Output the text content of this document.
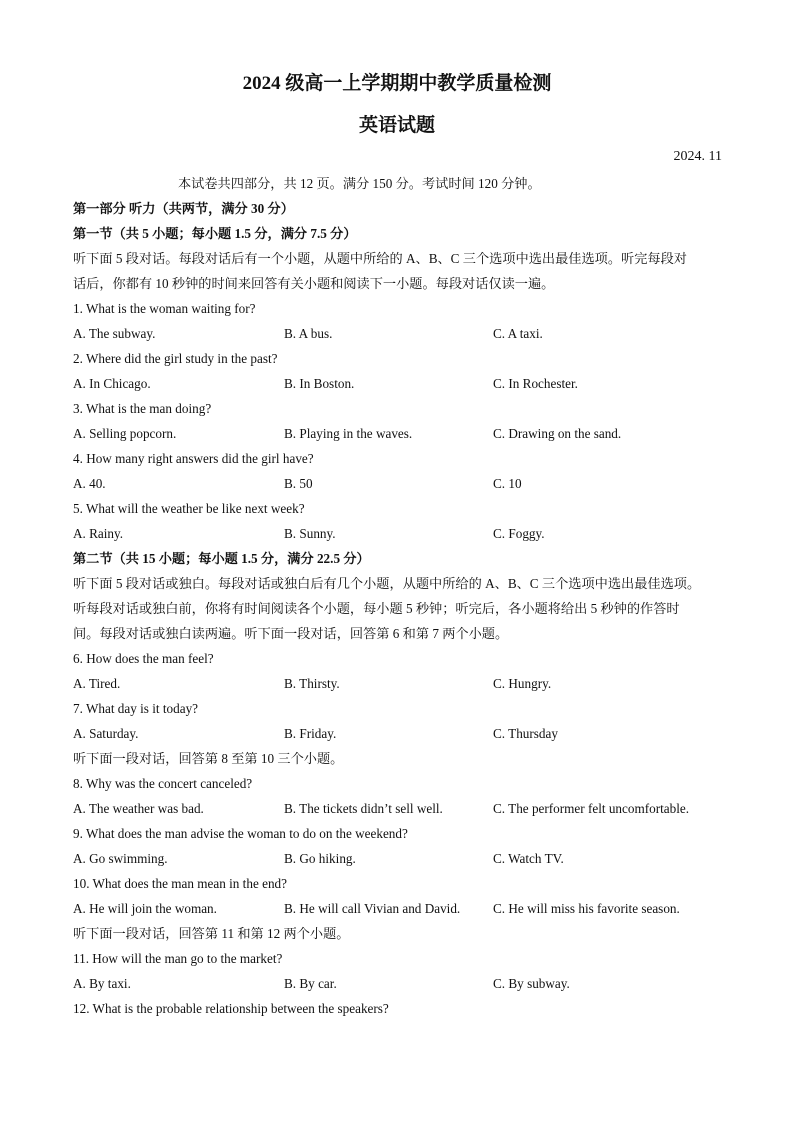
2024 级高一上学期期中教学质量检测
英语试题
2024. 11
本试卷共四部分，共 12 页。满分 150 分。考试时间 120 分钟。
第一部分 听力（共两节，满分 30 分）
第一节（共 5 小题；每小题 1.5 分，满分 7.5 分）
听下面 5 段对话。每段对话后有一个小题，从题中所给的 A、B、C 三个选项中选出最佳选项。听完每段对
话后，你都有 10 秒钟的时间来回答有关小题和阅读下一小题。每段对话仅读一遍。
1. What is the woman waiting for?
A. The subway.	B. A bus.	C. A taxi.
2. Where did the girl study in the past?
A. In Chicago.	B. In Boston.	C. In Rochester.
3. What is the man doing?
A. Selling popcorn.	B. Playing in the waves.	C. Drawing on the sand.
4. How many right answers did the girl have?
A. 40.	B. 50	C. 10
5. What will the weather be like next week?
A. Rainy.	B. Sunny.	C. Foggy.
第二节（共 15 小题；每小题 1.5 分，满分 22.5 分）
听下面 5 段对话或独白。每段对话或独白后有几个小题，从题中所给的 A、B、C 三个选项中选出最佳选项。
听每段对话或独白前，你将有时间阅读各个小题，每小题 5 秒钟；听完后，各小题将给出 5 秒钟的作答时
间。每段对话或独白读两遍。听下面一段对话，回答第 6 和第 7 两个小题。
6. How does the man feel?
A. Tired.	B. Thirsty.	C. Hungry.
7. What day is it today?
A. Saturday.	B. Friday.	C. Thursday
听下面一段对话，回答第 8 至第 10 三个小题。
8. Why was the concert canceled?
A. The weather was bad.	B. The tickets didn’t sell well.	C. The performer felt uncomfortable.
9. What does the man advise the woman to do on the weekend?
A. Go swimming.	B. Go hiking.	C. Watch TV.
10. What does the man mean in the end?
A. He will join the woman.	B. He will call Vivian and David. C. He will miss his favorite season.
听下面一段对话，回答第 11 和第 12 两个小题。
11. How will the man go to the market?
A. By taxi.	B. By car.	C. By subway.
12. What is the probable relationship between the speakers?
